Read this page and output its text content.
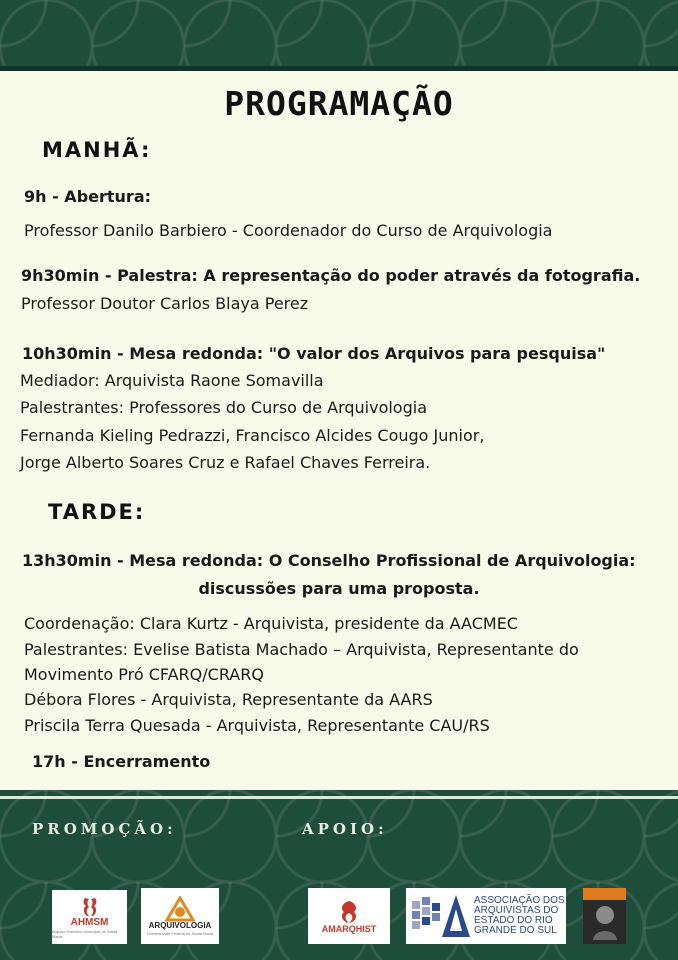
PROGRAMAÇÃO
MANHÃ:
9h - Abertura:
Professor Danilo Barbiero - Coordenador do Curso de Arquivologia
9h30min - Palestra: A representação do poder através da fotografia.
Professor Doutor Carlos Blaya Perez
10h30min - Mesa redonda: "O valor dos Arquivos para pesquisa"
Mediador: Arquivista Raone Somavilla
Palestrantes: Professores do Curso de Arquivologia
Fernanda Kieling Pedrazzi, Francisco Alcides Cougo Junior,
Jorge Alberto Soares Cruz e Rafael Chaves Ferreira.
TARDE:
13h30min - Mesa redonda: O Conselho Profissional de Arquivologia:
discussões para uma proposta.
Coordenação: Clara Kurtz - Arquivista, presidente da AACMEC
Palestrantes: Evelise Batista Machado – Arquivista, Representante do
Movimento Pró CFARQ/CRARQ
Débora Flores - Arquivista, Representante da AARS
Priscila Terra Quesada - Arquivista, Representante CAU/RS
17h - Encerramento
PROMOÇÃO:	APOIO:
AHMSM
Arquivo Histórico Municipal de Santa Maria
ARQUIVOLOGIA
Universidade Federal de Santa Maria	AMARQHIST
ASSOCIAÇÃO DOS
ARQUIVISTAS DO
ESTADO DO RIO
GRANDE DO SUL
